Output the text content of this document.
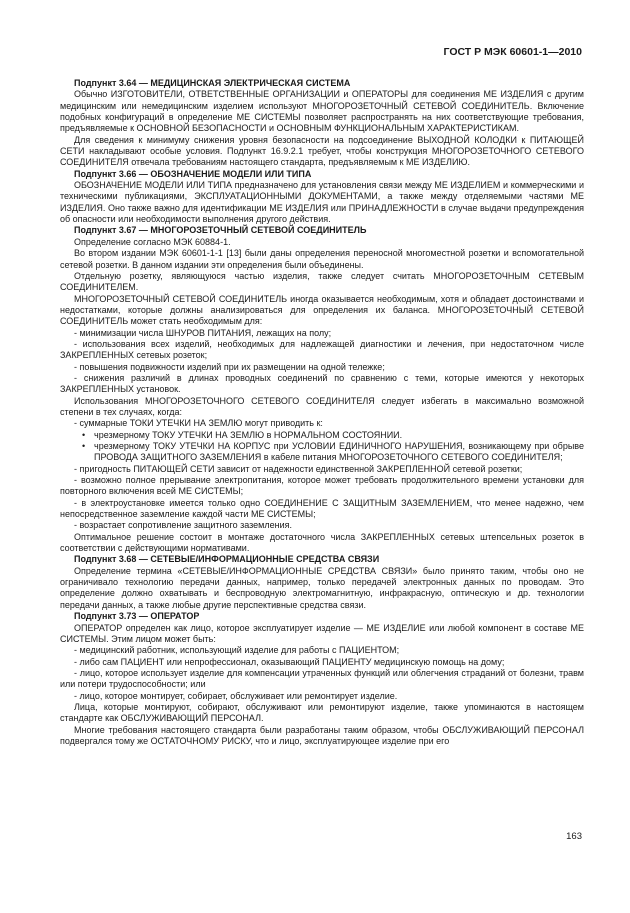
ГОСТ Р МЭК 60601-1—2010

Подпункт 3.64 — МЕДИЦИНСКАЯ ЭЛЕКТРИЧЕСКАЯ СИСТЕМА

Обычно ИЗГОТОВИТЕЛИ, ОТВЕТСТВЕННЫЕ ОРГАНИЗАЦИИ и ОПЕРАТОРЫ для соединения МЕ ИЗДЕЛИЯ с другим медицинским или немедицинским изделием используют МНОГОРОЗЕТОЧНЫЙ СЕТЕВОЙ СОЕДИНИТЕЛЬ. Включение подобных конфигураций в определение МЕ СИСТЕМЫ позволяет распространять на них соответствующие требования, предъявляемые к ОСНОВНОЙ БЕЗОПАСНОСТИ и ОСНОВНЫМ ФУНКЦИОНАЛЬНЫМ ХАРАКТЕРИСТИКАМ.

Для сведения к минимуму снижения уровня безопасности на подсоединение ВЫХОДНОЙ КОЛОДКИ к ПИТАЮЩЕЙ СЕТИ накладывают особые условия. Подпункт 16.9.2.1 требует, чтобы конструкция МНОГОРОЗЕТОЧНОГО СЕТЕВОГО СОЕДИНИТЕЛЯ отвечала требованиям настоящего стандарта, предъявляемым к МЕ ИЗДЕЛИЮ.

Подпункт 3.66 — ОБОЗНАЧЕНИЕ МОДЕЛИ ИЛИ ТИПА

ОБОЗНАЧЕНИЕ МОДЕЛИ ИЛИ ТИПА предназначено для установления связи между МЕ ИЗДЕЛИЕМ и коммерческими и техническими публикациями, ЭКСПЛУАТАЦИОННЫМИ ДОКУМЕНТАМИ, а также между отделяемыми частями МЕ ИЗДЕЛИЯ. Оно также важно для идентификации МЕ ИЗДЕЛИЯ или ПРИНАДЛЕЖНОСТИ в случае выдачи предупреждения об опасности или необходимости выполнения другого действия.

Подпункт 3.67 — МНОГОРОЗЕТОЧНЫЙ СЕТЕВОЙ СОЕДИНИТЕЛЬ

Определение согласно МЭК 60884-1.

Во втором издании МЭК 60601-1-1 [13] были даны определения переносной многоместной розетки и вспомогательной сетевой розетки. В данном издании эти определения были объединены.

Отдельную розетку, являющуюся частью изделия, также следует считать МНОГОРОЗЕТОЧНЫМ СЕТЕВЫМ СОЕДИНИТЕЛЕМ.

МНОГОРОЗЕТОЧНЫЙ СЕТЕВОЙ СОЕДИНИТЕЛЬ иногда оказывается необходимым, хотя и обладает достоинствами и недостатками, которые должны анализироваться для определения их баланса. МНОГОРОЗЕТОЧНЫЙ СЕТЕВОЙ СОЕДИНИТЕЛЬ может стать необходимым для:

- минимизации числа ШНУРОВ ПИТАНИЯ, лежащих на полу;

- использования всех изделий, необходимых для надлежащей диагностики и лечения, при недостаточном числе ЗАКРЕПЛЕННЫХ сетевых розеток;

- повышения подвижности изделий при их размещении на одной тележке;

- снижения различий в длинах проводных соединений по сравнению с теми, которые имеются у некоторых ЗАКРЕПЛЕННЫХ установок.

Использования МНОГОРОЗЕТОЧНОГО СЕТЕВОГО СОЕДИНИТЕЛЯ следует избегать в максимально возможной степени в тех случаях, когда:

- суммарные ТОКИ УТЕЧКИ НА ЗЕМЛЮ могут приводить к:

• чрезмерному ТОКУ УТЕЧКИ НА ЗЕМЛЮ в НОРМАЛЬНОМ СОСТОЯНИИ.

• чрезмерному ТОКУ УТЕЧКИ НА КОРПУС при УСЛОВИИ ЕДИНИЧНОГО НАРУШЕНИЯ, возникающему при обрыве ПРОВОДА ЗАЩИТНОГО ЗАЗЕМЛЕНИЯ в кабеле питания МНОГОРОЗЕТОЧНОГО СЕТЕВОГО СОЕДИНИТЕЛЯ;

- пригодность ПИТАЮЩЕЙ СЕТИ зависит от надежности единственной ЗАКРЕПЛЕННОЙ сетевой розетки;

- возможно полное прерывание электропитания, которое может требовать продолжительного времени установки для повторного включения всей МЕ СИСТЕМЫ;

- в электроустановке имеется только одно СОЕДИНЕНИЕ С ЗАЩИТНЫМ ЗАЗЕМЛЕНИЕМ, что менее надежно, чем непосредственное заземление каждой части МЕ СИСТЕМЫ;

- возрастает сопротивление защитного заземления.

Оптимальное решение состоит в монтаже достаточного числа ЗАКРЕПЛЕННЫХ сетевых штепсельных розеток в соответствии с действующими нормативами.

Подпункт 3.68 — СЕТЕВЫЕ/ИНФОРМАЦИОННЫЕ СРЕДСТВА СВЯЗИ

Определение термина «СЕТЕВЫЕ/ИНФОРМАЦИОННЫЕ СРЕДСТВА СВЯЗИ» было принято таким, чтобы оно не ограничивало технологию передачи данных, например, только передачей электронных данных по проводам. Это определение должно охватывать и беспроводную электромагнитную, инфракрасную, оптическую и др. технологии передачи данных, а также любые другие перспективные средства связи.

Подпункт 3.73 — ОПЕРАТОР

ОПЕРАТОР определен как лицо, которое эксплуатирует изделие — МЕ ИЗДЕЛИЕ или любой компонент в составе МЕ СИСТЕМЫ. Этим лицом может быть:

- медицинский работник, использующий изделие для работы с ПАЦИЕНТОМ;

- либо сам ПАЦИЕНТ или непрофессионал, оказывающий ПАЦИЕНТУ медицинскую помощь на дому;

- лицо, которое использует изделие для компенсации утраченных функций или облегчения страданий от болезни, травм или потери трудоспособности; или

- лицо, которое монтирует, собирает, обслуживает или ремонтирует изделие.

Лица, которые монтируют, собирают, обслуживают или ремонтируют изделие, также упоминаются в настоящем стандарте как ОБСЛУЖИВАЮЩИЙ ПЕРСОНАЛ.

Многие требования настоящего стандарта были разработаны таким образом, чтобы ОБСЛУЖИВАЮЩИЙ ПЕРСОНАЛ подвергался тому же ОСТАТОЧНОМУ РИСКУ, что и лицо, эксплуатирующее изделие при его

163
